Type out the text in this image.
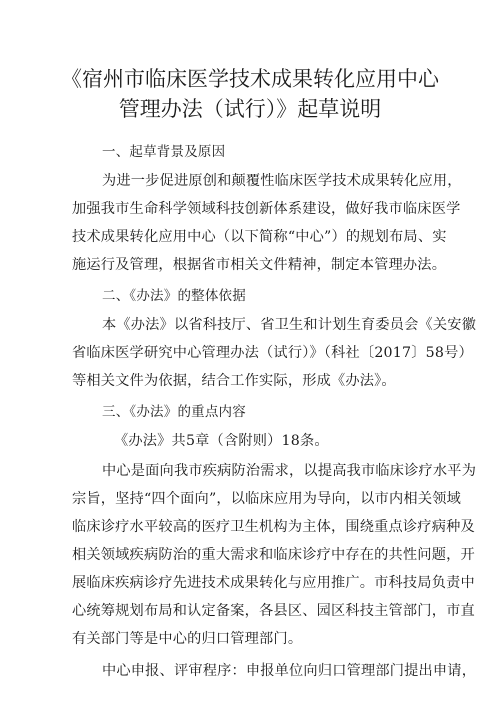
《宿州市临床医学技术成果转化应用中心
管理办法（试行）》起草说明
一、起草背景及原因
为进一步促进原创和颠覆性临床医学技术成果转化应用，
加强我市生命科学领域科技创新体系建设，做好我市临床医学
技术成果转化应用中心（以下简称“中心”）的规划布局、实
施运行及管理，根据省市相关文件精神，制定本管理办法。
二、《办法》的整体依据
本《办法》以省科技厅、省卫生和计划生育委员会《关安徽
省临床医学研究中心管理办法（试行）》（科社〔2017〕58号）
等相关文件为依据，结合工作实际，形成《办法》。
三、《办法》的重点内容
《办法》共5章（含附则）18条。
中心是面向我市疾病防治需求，以提高我市临床诊疗水平为
宗旨，坚持“四个面向”，以临床应用为导向，以市内相关领域
临床诊疗水平较高的医疗卫生机构为主体，围绕重点诊疗病种及
相关领域疾病防治的重大需求和临床诊疗中存在的共性问题，开
展临床疾病诊疗先进技术成果转化与应用推广。市科技局负责中
心统筹规划布局和认定备案，各县区、园区科技主管部门，市直
有关部门等是中心的归口管理部门。
中心申报、评审程序：申报单位向归口管理部门提出申请，
